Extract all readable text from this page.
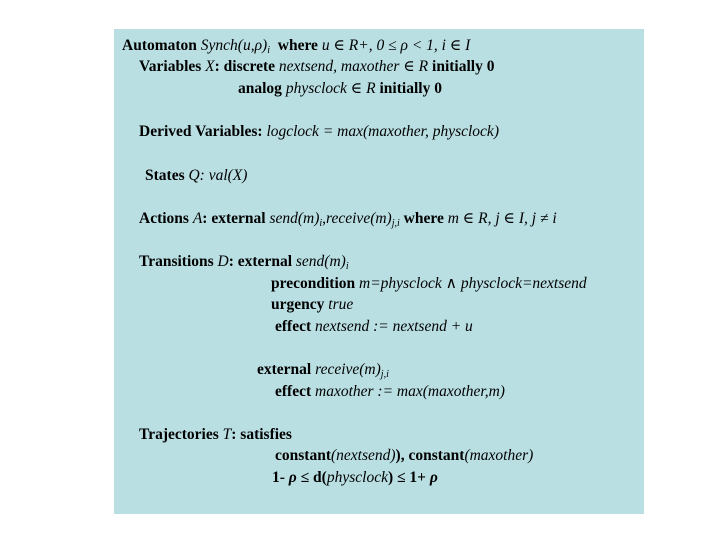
Automaton $Synch(u,\rho)_i$ where u ∈ R+, 0 ≤ ρ < 1, i ∈ I
Variables X: discrete nextsend, maxother ∈ R initially 0
analog physclock ∈ R initially 0
Derived Variables: logclock = max(maxother, physclock)
States Q: val(X)
Actions A: external $send(m)_i,receive(m)_{j,i}$ where m ∈ R, j ∈ I, j ≠ i
Transitions D: external $send(m)_i$
precondition m=physclock ∧ physclock=nextsend
urgency true
effect nextsend := nextsend + u
external $receive(m)_{j,i}$
effect maxother := max(maxother,m)
Trajectories T: satisfies
constant(nextsend)), constant(maxother)
1- ρ ≤ d(physclock) ≤ 1+ ρ
